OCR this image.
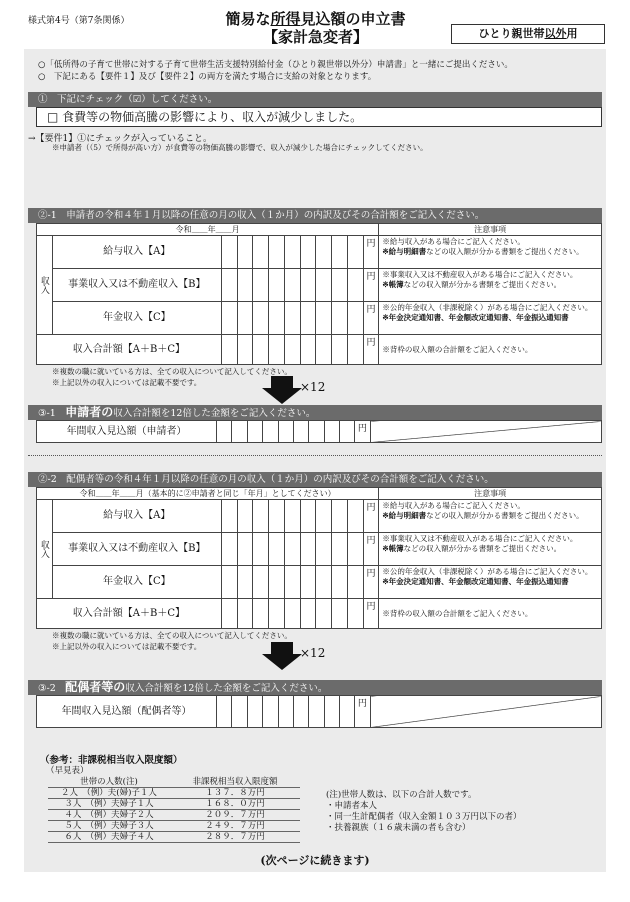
様式第4号（第7条関係）	簡易な所得見込額の申立書
【家計急変者】	ひとり親世帯以外用
○「低所得の子育て世帯に対する子育て世帯生活支援特別給付金（ひとり親世帯以外分）申請書」と一緒にご提出ください。
○　下記にある【要件１】及び【要件２】の両方を満たす場合に支給の対象となります。
①　下記にチェック（☑）してください。
□ 食費等の物価高騰の影響により、収入が減少しました。
→【要件1】①にチェックが入っていること。
※申請者（（5）で所得が高い方）が食費等の物価高騰の影響で、収入が減少した場合にチェックしてください。
②-1　申請者の令和４年１月以降の任意の月の収入（１か月）の内訳及びその合計額をご記入ください。
令和＿＿年＿＿月												注意事項
収入	給与収入【A】										円	※給与収入がある場合にご記入ください。
※給与明細書などの収入額が分かる書類をご提出ください。
	事業収入又は不動産収入【B】										円	※事業収入又は不動産収入がある場合にご記入ください。
※帳簿などの収入額が分かる書類をご提出ください。
	年金収入【C】										円	※公的年金収入（非課税除く）がある場合にご記入ください。
※年金決定通知書、年金額改定通知書、年金振込通知書
収入合計額【A＋B＋C】											円	※背枠の収入額の合計額をご記入ください。
※複数の職に就いている方は、全ての収入について記入してください。
※上記以外の収入については記載不要です。	×12
③-1　 申請者の収入合計額を12倍した金額をご記入ください。
年間収入見込額（申請者）										円	
②-2　配偶者等の令和４年１月以降の任意の月の収入（１か月）の内訳及びその合計額をご記入ください。
令和＿＿年＿＿月（基本的に②申請者と同じ「年月」としてください）												注意事項
収入	給与収入【A】										円	※給与収入がある場合にご記入ください。
※給与明細書などの収入額が分かる書類をご提出ください。
	事業収入又は不動産収入【B】										円	※事業収入又は不動産収入がある場合にご記入ください。
※帳簿などの収入額が分かる書類をご提出ください。
	年金収入【C】										円	※公的年金収入（非課税除く）がある場合にご記入ください。
※年金決定通知書、年金額改定通知書、年金振込通知書
収入合計額【A＋B＋C】											円	※背枠の収入額の合計額をご記入ください。
※複数の職に就いている方は、全ての収入について記入してください。
※上記以外の収入については記載不要です。	×12
③-2　 配偶者等の収入合計額を12倍した金額をご記入ください。
年間収入見込額（配偶者等）										円	
（参考：非課税相当収入限度額）
（早見表）
世帯の人数(注)	非課税相当収入限度額
２人　（例）夫(婦)子１人	１３７．８万円
３人　（例）夫婦子１人	１６８．０万円
４人　（例）夫婦子２人	２０９．７万円
５人　（例）夫婦子３人	２４９．７万円
６人　（例）夫婦子４人	２８９．７万円
(注)世帯人数は、以下の合計人数です。
・申請者本人
・同一生計配偶者（収入金額１０３万円以下の者）
・扶養親族（１６歳未満の者も含む）
(次ページに続きます)
